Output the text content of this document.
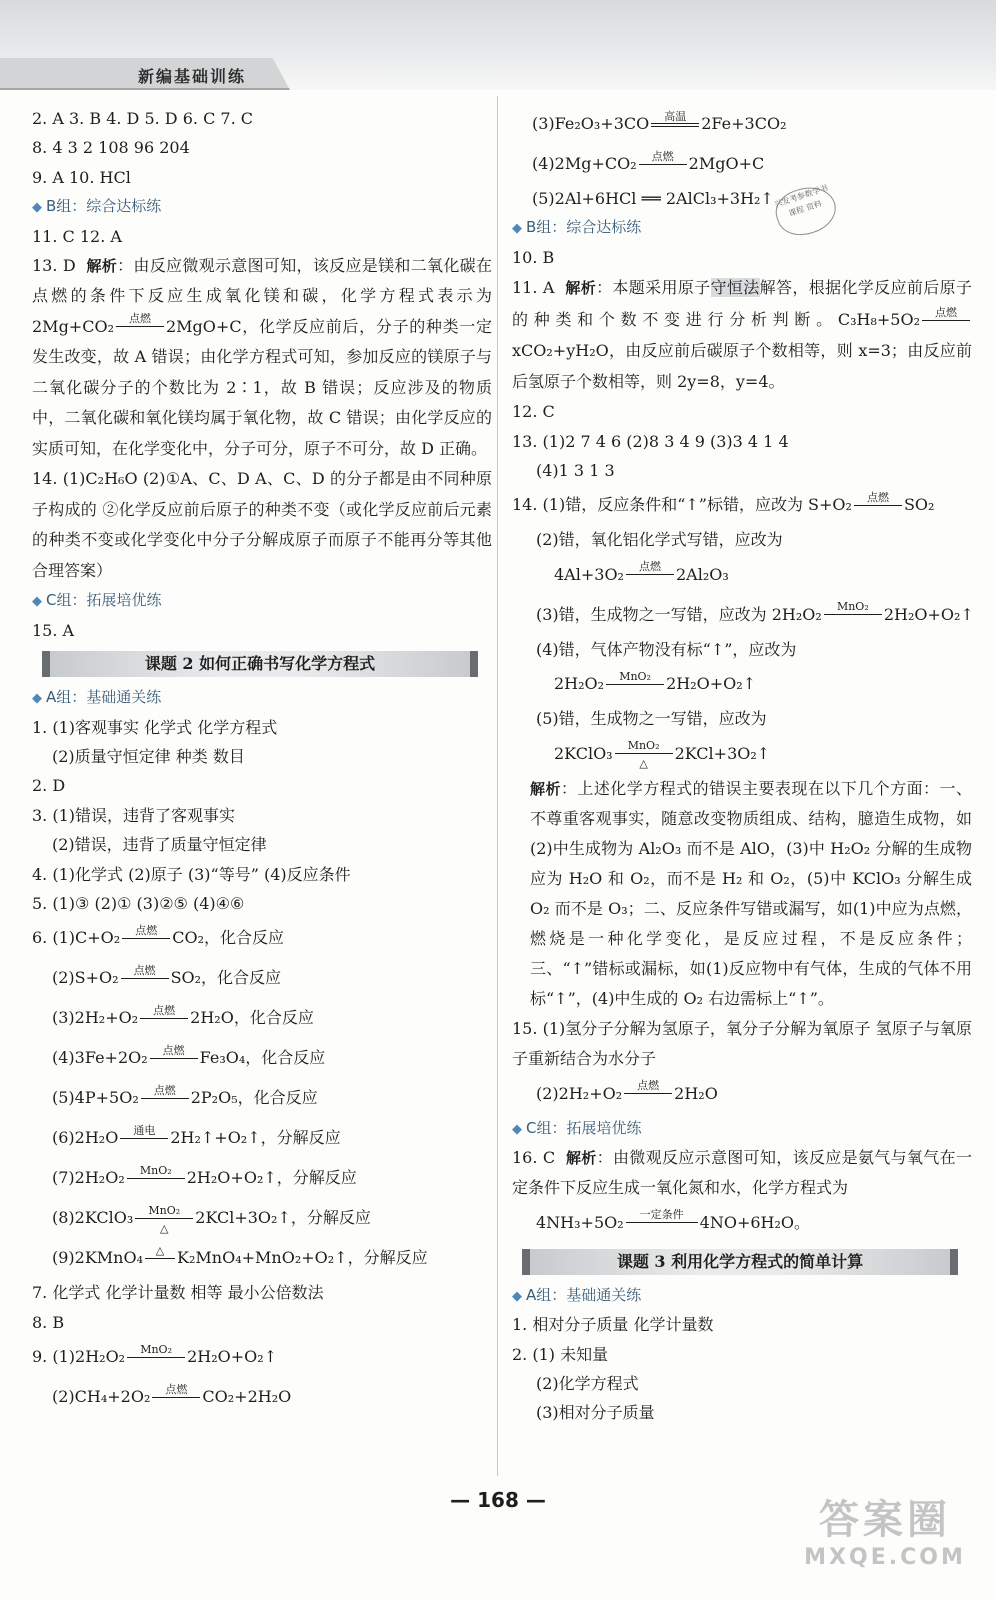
新编基础训练
2. A 3. B 4. D 5. D 6. C 7. C
8. 4 3 2 108 96 204
9. A 10. HCl
◆ B组：综合达标练
11. C 12. A
13. D 解析：由反应微观示意图可知，该反应是镁和二氧化碳在点燃的条件下反应生成氧化镁和碳，化学方程式表示为 2Mg+CO₂	点燃 2MgO+C，化学反应前后，分子的种类一定发生改变，故 A 错误；由化学方程式可知，参加反应的镁原子与二氧化碳分子的个数比为 2∶1，故 B 错误；反应涉及的物质中，二氧化碳和氧化镁均属于氧化物，故 C 错误；由化学反应的实质可知，在化学变化中，分子可分，原子不可分，故 D 正确。
14. (1)C₂H₆O (2)①A、C、D A、C、D 的分子都是由不同种原子构成的 ②化学反应前后原子的种类不变（或化学反应前后元素的种类不变或化学变化中分子分解成原子而原子不能再分等其他合理答案）
◆ C组：拓展培优练
15. A
课题 2 如何正确书写化学方程式
◆ A组：基础通关练
1. (1)客观事实 化学式 化学方程式
(2)质量守恒定律 种类 数目
2. D
3. (1)错误，违背了客观事实
(2)错误，违背了质量守恒定律
4. (1)化学式 (2)原子 (3)“等号” (4)反应条件
5. (1)③ (2)① (3)②⑤ (4)④⑥
6. (1)C+O₂	点燃 CO₂，化合反应
(2)S+O₂	点燃 SO₂，化合反应
(3)2H₂+O₂	点燃 2H₂O，化合反应
(4)3Fe+2O₂	点燃 Fe₃O₄，化合反应
(5)4P+5O₂	点燃 2P₂O₅，化合反应
(6)2H₂O	通电 2H₂↑+O₂↑，分解反应
(7)2H₂O₂	MnO₂ 2H₂O+O₂↑，分解反应
(8)2KClO₃	MnO₂
△
2KCl+3O₂↑，分解反应
(9)2KMnO₄	△ K₂MnO₄+MnO₂+O₂↑，分解反应
7. 化学式 化学计量数 相等 最小公倍数法
8. B
9. (1)2H₂O₂	MnO₂ 2H₂O+O₂↑
(2)CH₄+2O₂	点燃 CO₂+2H₂O
(3)Fe₂O₃+3CO	高温 2Fe+3CO₂
(4)2Mg+CO₂	点燃 2MgO+C
(5)2Al+6HCl ══ 2AlCl₃+3H₂↑
◆ B组：综合达标练
10. B
11. A 解析：本题采用原子守恒法解答，根据化学反应前后原子的种类和个数不变进行分析判断。C₃H₈+5O₂	点燃
xCO₂+yH₂O，由反应前后碳原子个数相等，则 x=3；由反应前后氢原子个数相等，则 2y=8，y=4。
12. C
13. (1)2 7 4 6 (2)8 3 4 9 (3)3 4 1 4
(4)1 3 1 3
14. (1)错，反应条件和“↑”标错，应改为 S+O₂	点燃 SO₂
(2)错，氧化铝化学式写错，应改为
4Al+3O₂	点燃 2Al₂O₃
(3)错，生成物之一写错，应改为 2H₂O₂	MnO₂ 2H₂O+O₂↑
(4)错，气体产物没有标“↑”，应改为
2H₂O₂	MnO₂ 2H₂O+O₂↑
(5)错，生成物之一写错，应改为
2KClO₃	MnO₂
△
2KCl+3O₂↑
解析：上述化学方程式的错误主要表现在以下几个方面：一、不尊重客观事实，随意改变物质组成、结构，臆造生成物，如(2)中生成物为 Al₂O₃ 而不是 AlO，(3)中 H₂O₂ 分解的生成物应为 H₂O 和 O₂，而不是 H₂ 和 O₂，(5)中 KClO₃ 分解生成 O₂ 而不是 O₃；二、反应条件写错或漏写，如(1)中应为点燃，燃烧是一种化学变化，是反应过程，不是反应条件；三、“↑”错标或漏标，如(1)反应物中有气体，生成的气体不用标“↑”，(4)中生成的 O₂ 右边需标上“↑”。
15. (1)氢分子分解为氢原子，氧分子分解为氧原子 氢原子与氧原子重新结合为水分子
(2)2H₂+O₂	点燃 2H₂O
◆ C组：拓展培优练
16. C 解析：由微观反应示意图可知，该反应是氨气与氧气在一定条件下反应生成一氧化氮和水，化学方程式为
4NH₃+5O₂	一定条件	4NO+6H₂O。
课题 3 利用化学方程式的简单计算
◆ A组：基础通关练
1. 相对分子质量 化学计量数
2. (1) 未知量
(2)化学方程式
(3)相对分子质量
兴发考参数学书 课程 资料
— 168 —	答案圈
MXQE.COM
